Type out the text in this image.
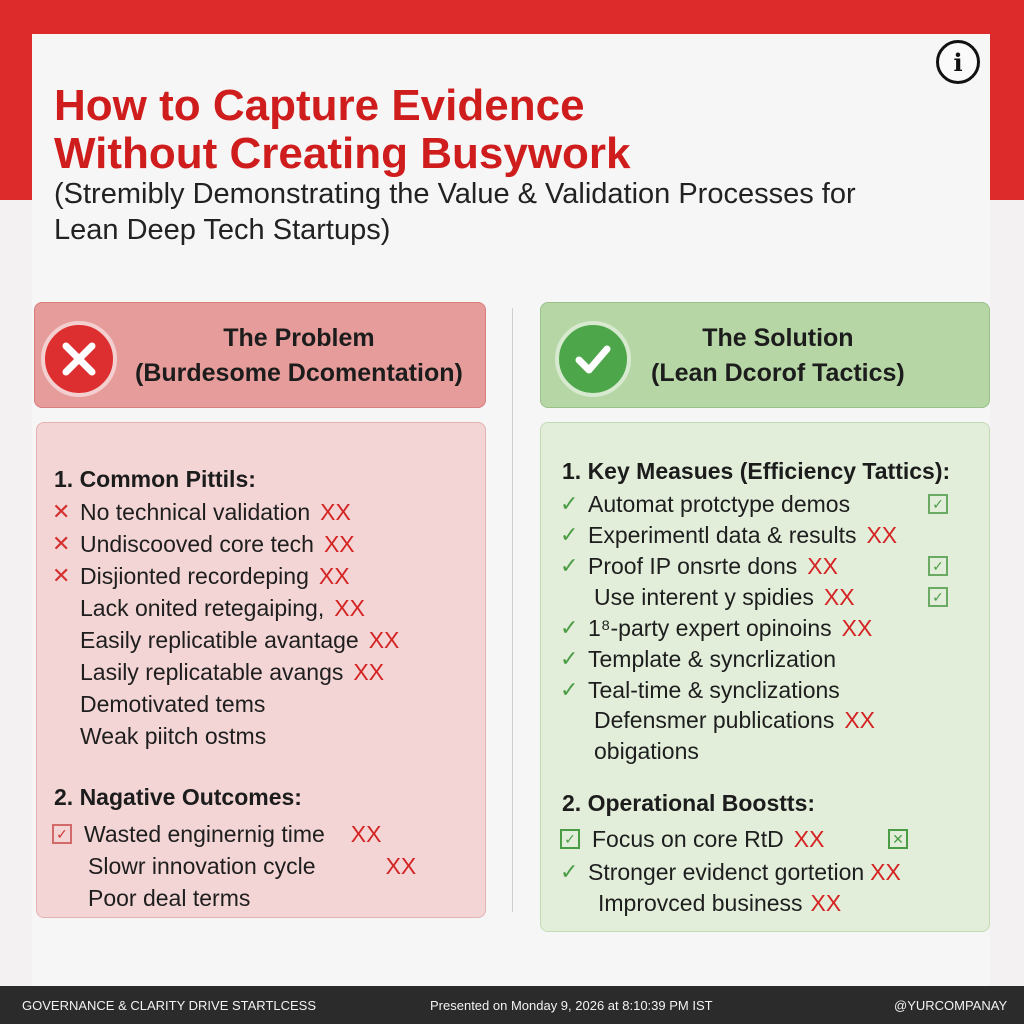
i
How to Capture Evidence
Without Creating Busywork
(Stremibly Demonstrating the Value & Validation Processes for
Lean Deep Tech Startups)
The Problem
(Burdesome Dcomentation)
The Solution
(Lean Dcorof Tactics)
1. Common Pittils:
✕ No technical validation XX
✕ Undiscooved core tech XX
✕ Disjionted recordeping XX
Lack onited retegaiping, XX
Easily replicatible avantage XX
Lasily replicatable avangs XX
Demotivated tems
Weak piitch ostms
2. Nagative Outcomes:
✓ Wasted enginernig time XX
Slowr innovation cycle	XX
Poor deal terms
1. Key Measues (Efficiency Tattics):
✓ Automat protctype demos	✓
✓ Experimentl data & results XX
✓ Proof IP onsrte dons XX	✓
Use interent y spidies XX	✓
✓ 1⁸-party expert opinoins XX
✓ Template & syncrlization
✓ Teal-time & synclizations
Defensmer publications XX
obigations
2. Operational Boostts:
✓ Focus on core RtD XX	✕
✓ Stronger evidenct gortetion XX
Improvced business XX
GOVERNANCE & CLARITY DRIVE STARTLCESS	Presented on Monday 9, 2026 at 8:10:39 PM IST	@YURCOMPANAY
